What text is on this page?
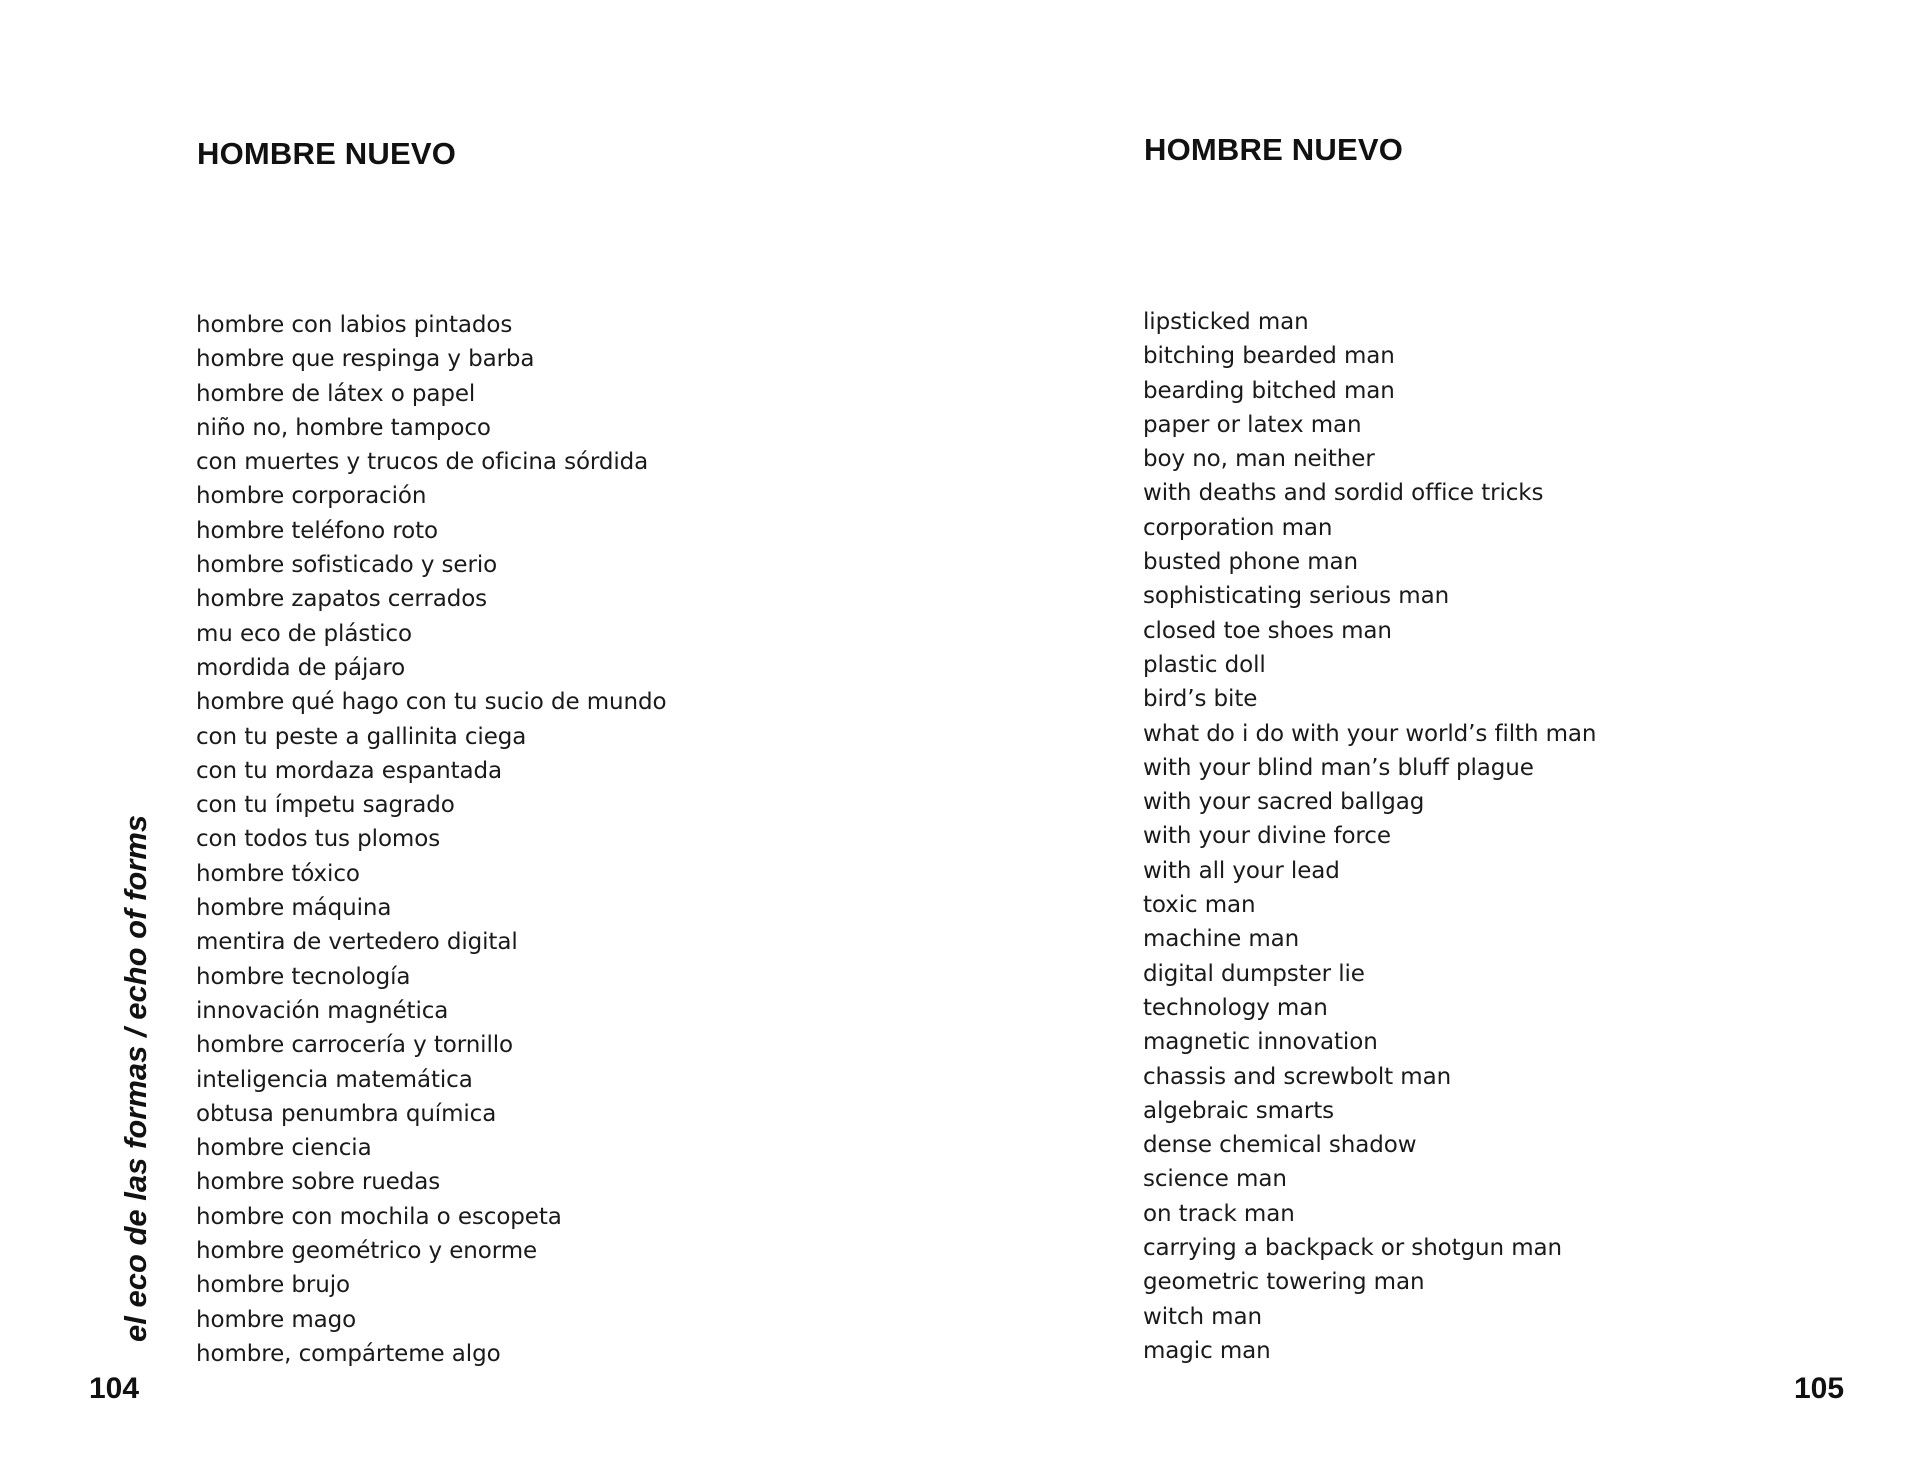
HOMBRE NUEVO
hombre con labios pintados
hombre que respinga y barba
hombre de látex o papel
niño no, hombre tampoco
con muertes y trucos de oficina sórdida
hombre corporación
hombre teléfono roto
hombre sofisticado y serio
hombre zapatos cerrados
mu eco de plástico
mordida de pájaro
hombre qué hago con tu sucio de mundo
con tu peste a gallinita ciega
con tu mordaza espantada
con tu ímpetu sagrado
con todos tus plomos
hombre tóxico
hombre máquina
mentira de vertedero digital
hombre tecnología
innovación magnética
hombre carrocería y tornillo
inteligencia matemática
obtusa penumbra química
hombre ciencia
hombre sobre ruedas
hombre con mochila o escopeta
hombre geométrico y enorme
hombre brujo
hombre mago
hombre, compárteme algo
el eco de las formas / echo of forms
104
HOMBRE NUEVO
lipsticked man
bitching bearded man
bearding bitched man
paper or latex man
boy no, man neither
with deaths and sordid office tricks
corporation man
busted phone man
sophisticating serious man
closed toe shoes man
plastic doll
bird’s bite
what do i do with your world’s filth man
with your blind man’s bluff plague
with your sacred ballgag
with your divine force
with all your lead
toxic man
machine man
digital dumpster lie
technology man
magnetic innovation
chassis and screwbolt man
algebraic smarts
dense chemical shadow
science man
on track man
carrying a backpack or shotgun man
geometric towering man
witch man
magic man
105
